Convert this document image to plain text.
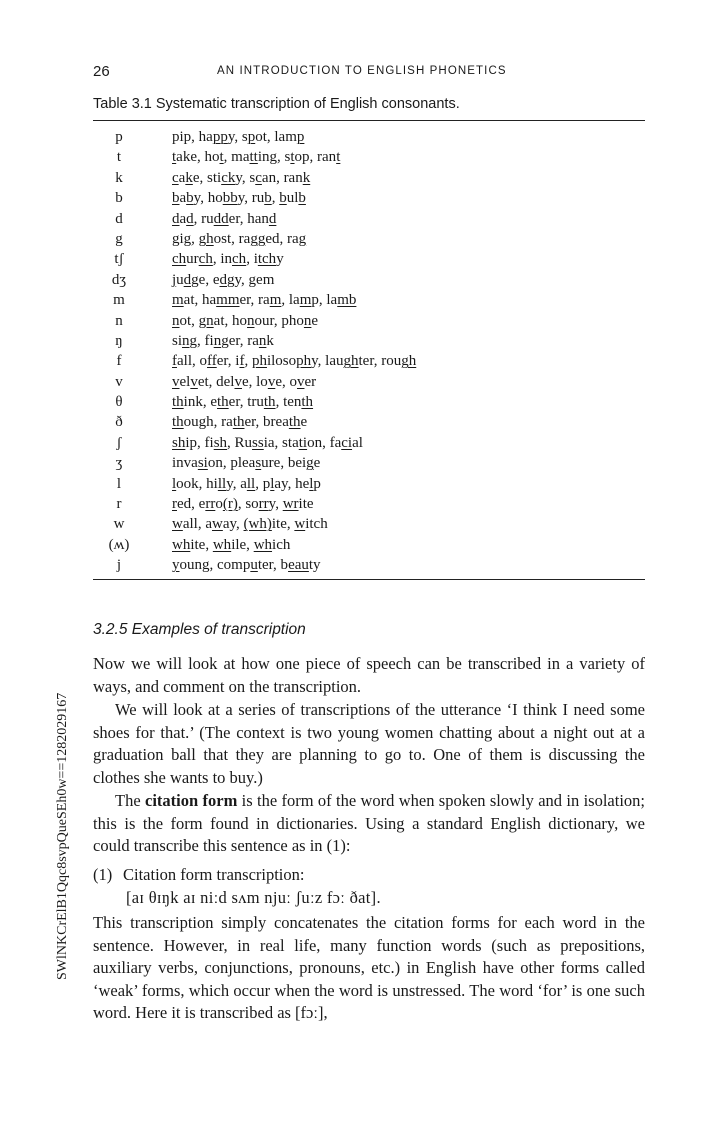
26	AN INTRODUCTION TO ENGLISH PHONETICS
Table 3.1 Systematic transcription of English consonants.
p	pip, happy, spot, lamp
t	take, hot, matting, stop, rant
k	cake, sticky, scan, rank
b	baby, hobby, rub, bulb
d	dad, rudder, hand
g	gig, ghost, ragged, rag
tʃ	church, inch, itchy
dʒ	judge, edgy, gem
m	mat, hammer, ram, lamp, lamb
n	not, gnat, honour, phone
ŋ	sing, finger, rank
f	fall, offer, if, philosophy, laughter, rough
v	velvet, delve, love, over
θ	think, ether, truth, tenth
ð	though, rather, breathe
ʃ	ship, fish, Russia, station, facial
ʒ	invasion, pleasure, beige
l	look, hilly, all, play, help
r	red, erro(r), sorry, write
w	wall, away, (wh)ite, witch
(ʍ)	white, while, which
j	young, computer, beauty
3.2.5 Examples of transcription

Now we will look at how one piece of speech can be transcribed in a variety of ways, and comment on the transcription.

We will look at a series of transcriptions of the utterance ‘I think I need some shoes for that.’ (The context is two young women chatting about a night out at a graduation ball that they are planning to go to. One of them is discussing the clothes she wants to buy.)

The citation form is the form of the word when spoken slowly and in isolation; this is the form found in dictionaries. Using a standard English dictionary, we could transcribe this sentence as in (1):

(1) Citation form transcription:
[aɪ θɪŋk aɪ niːd sʌm njuː ʃuːz fɔː ðat].

This transcription simply concatenates the citation forms for each word in the sentence. However, in real life, many function words (such as prepositions, auxiliary verbs, conjunctions, pronouns, etc.) in English have other forms called ‘weak’ forms, which occur when the word is unstressed. The word ‘for’ is one such word. Here it is transcribed as [fɔː],

SWlNKCrElB1Qqc8svpQueSEh0w==1282029167
